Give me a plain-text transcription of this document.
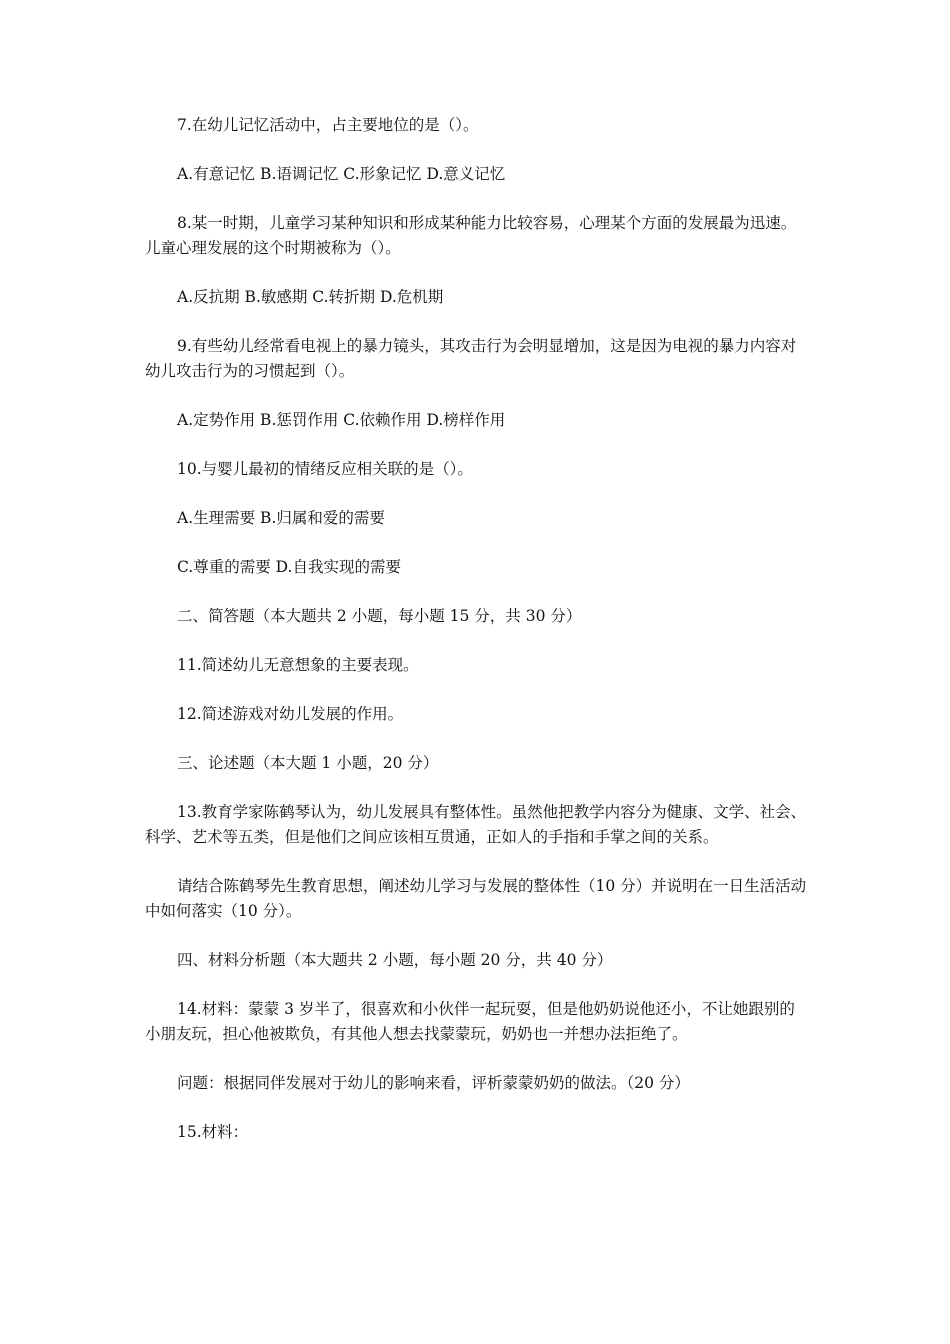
7.在幼儿记忆活动中，占主要地位的是（）。

A.有意记忆 B.语调记忆 C.形象记忆 D.意义记忆

8.某一时期，儿童学习某种知识和形成某种能力比较容易，心理某个方面的发展最为迅速。儿童心理发展的这个时期被称为（）。

A.反抗期 B.敏感期 C.转折期 D.危机期

9.有些幼儿经常看电视上的暴力镜头，其攻击行为会明显增加，这是因为电视的暴力内容对幼儿攻击行为的习惯起到（）。

A.定势作用 B.惩罚作用 C.依赖作用 D.榜样作用

10.与婴儿最初的情绪反应相关联的是（）。

A.生理需要 B.归属和爱的需要

C.尊重的需要 D.自我实现的需要

二、简答题（本大题共 2 小题，每小题 15 分，共 30 分）

11.简述幼儿无意想象的主要表现。

12.简述游戏对幼儿发展的作用。

三、论述题（本大题 1 小题，20 分）

13.教育学家陈鹤琴认为，幼儿发展具有整体性。虽然他把教学内容分为健康、文学、社会、科学、艺术等五类，但是他们之间应该相互贯通，正如人的手指和手掌之间的关系。

请结合陈鹤琴先生教育思想，阐述幼儿学习与发展的整体性（10 分）并说明在一日生活活动中如何落实（10 分）。

四、材料分析题（本大题共 2 小题，每小题 20 分，共 40 分）

14.材料：蒙蒙 3 岁半了，很喜欢和小伙伴一起玩耍，但是他奶奶说他还小，不让她跟别的小朋友玩，担心他被欺负，有其他人想去找蒙蒙玩，奶奶也一并想办法拒绝了。

问题：根据同伴发展对于幼儿的影响来看，评析蒙蒙奶奶的做法。（20 分）

15.材料：
